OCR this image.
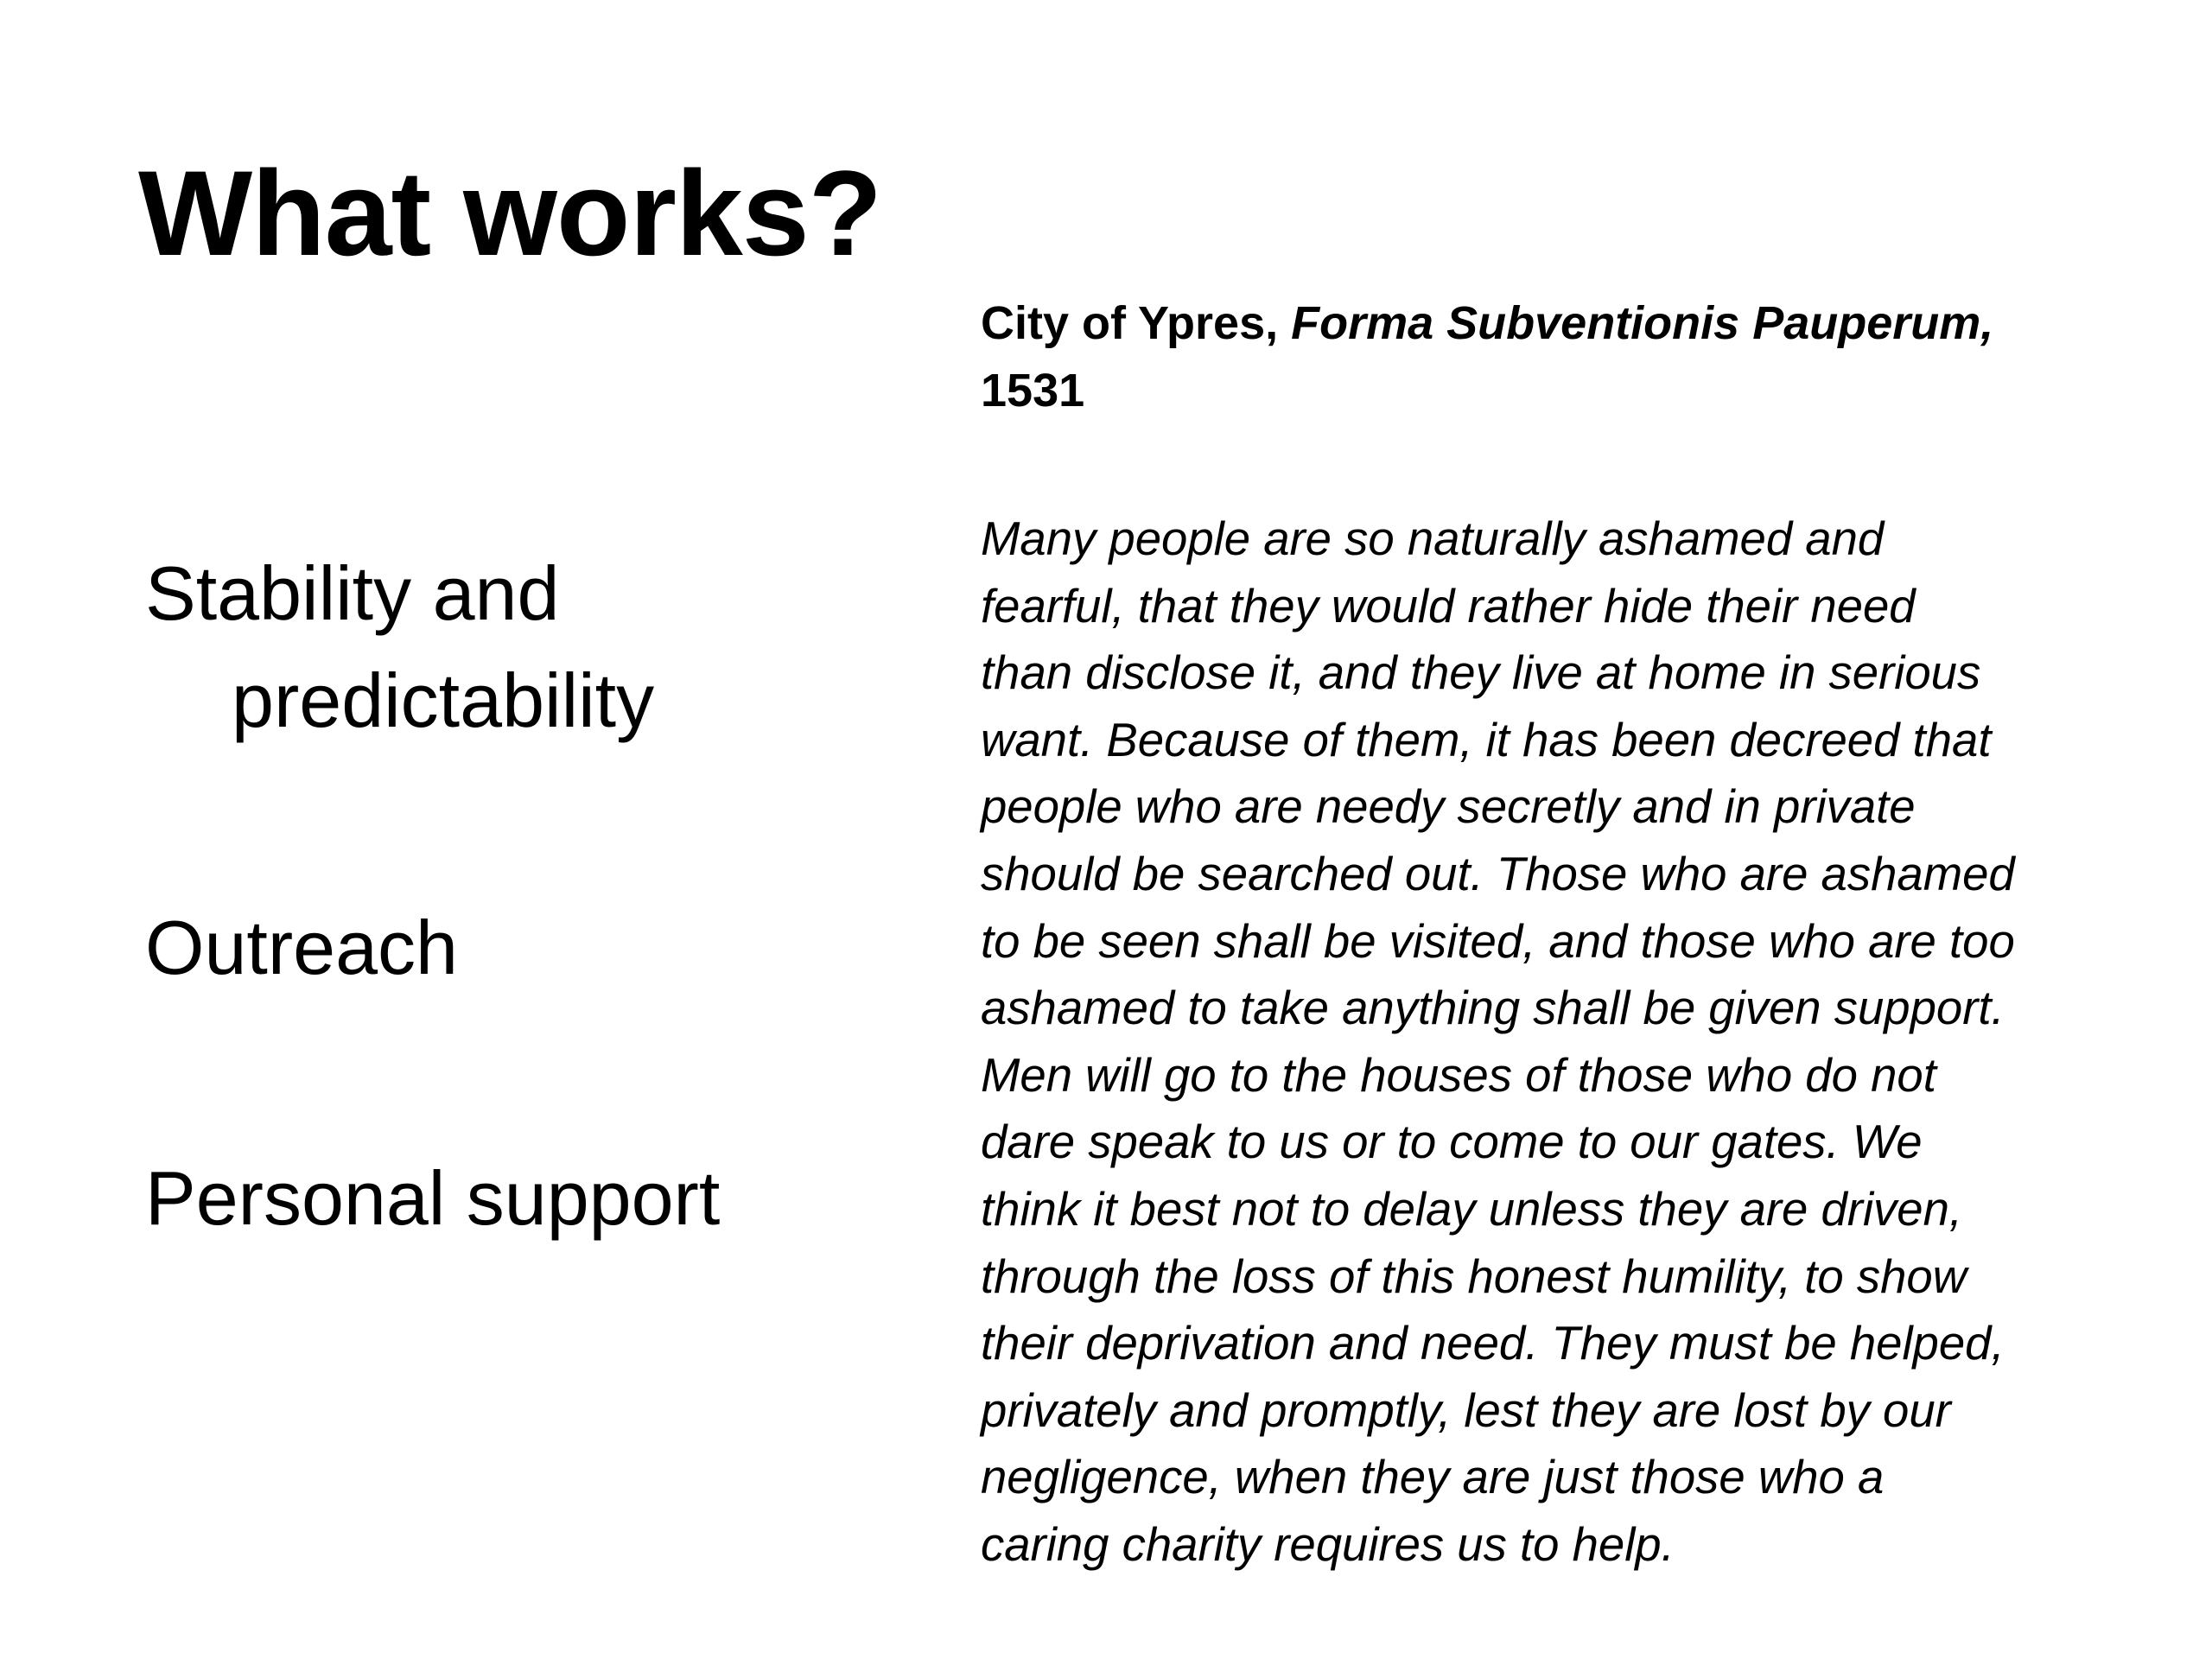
What works?
Stability and
predictability
Outreach
Personal support

City of Ypres, Forma Subventionis Pauperum,
1531

Many people are so naturally ashamed and
fearful, that they would rather hide their need
than disclose it, and they live at home in serious
want. Because of them, it has been decreed that
people who are needy secretly and in private
should be searched out. Those who are ashamed
to be seen shall be visited, and those who are too
ashamed to take anything shall be given support.
Men will go to the houses of those who do not
dare speak to us or to come to our gates. We
think it best not to delay unless they are driven,
through the loss of this honest humility, to show
their deprivation and need. They must be helped,
privately and promptly, lest they are lost by our
negligence, when they are just those who a
caring charity requires us to help.
